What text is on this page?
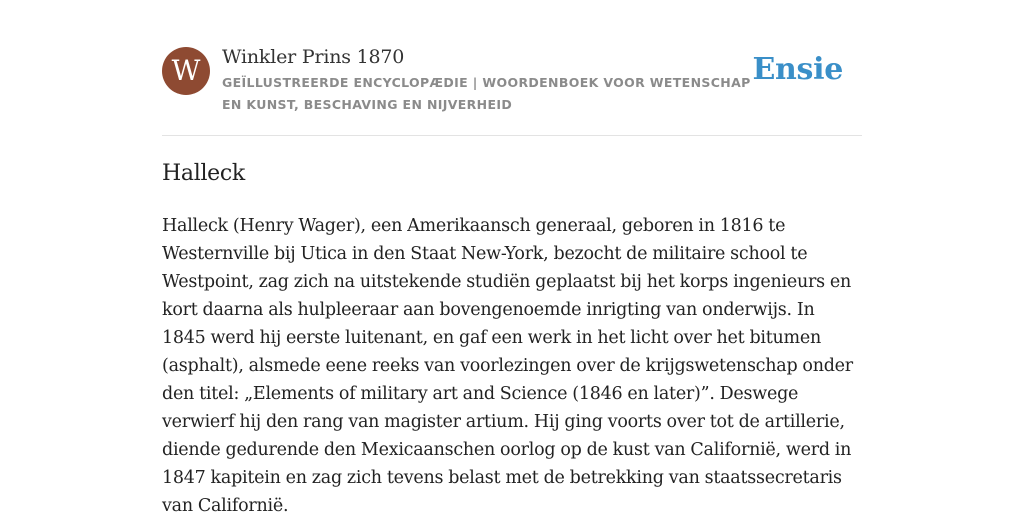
W	Winkler Prins 1870
GEÏLLUSTREERDE ENCYCLOPÆDIE | WOORDENBOEK VOOR WETENSCHAP EN KUNST, BESCHAVING EN NIJVERHEID
Ensie
Halleck

Halleck (Henry Wager), een Amerikaansch generaal, geboren in 1816 te Westernville bij Utica in den Staat New-York, bezocht de militaire school te Westpoint, zag zich na uitstekende studiën geplaatst bij het korps ingenieurs en kort daarna als hulpleeraar aan bovengenoemde inrigting van onderwijs. In 1845 werd hij eerste luitenant, en gaf een werk in het licht over het bitumen (asphalt), alsmede eene reeks van voorlezingen over de krijgswetenschap onder den titel: „Elements of military art and Science (1846 en later)”. Deswege verwierf hij den rang van magister artium. Hij ging voorts over tot de artillerie, diende gedurende den Mexicaanschen oorlog op de kust van Californië, werd in 1847 kapitein en zag zich tevens belast met de betrekking van staatssecretaris van Californië.
